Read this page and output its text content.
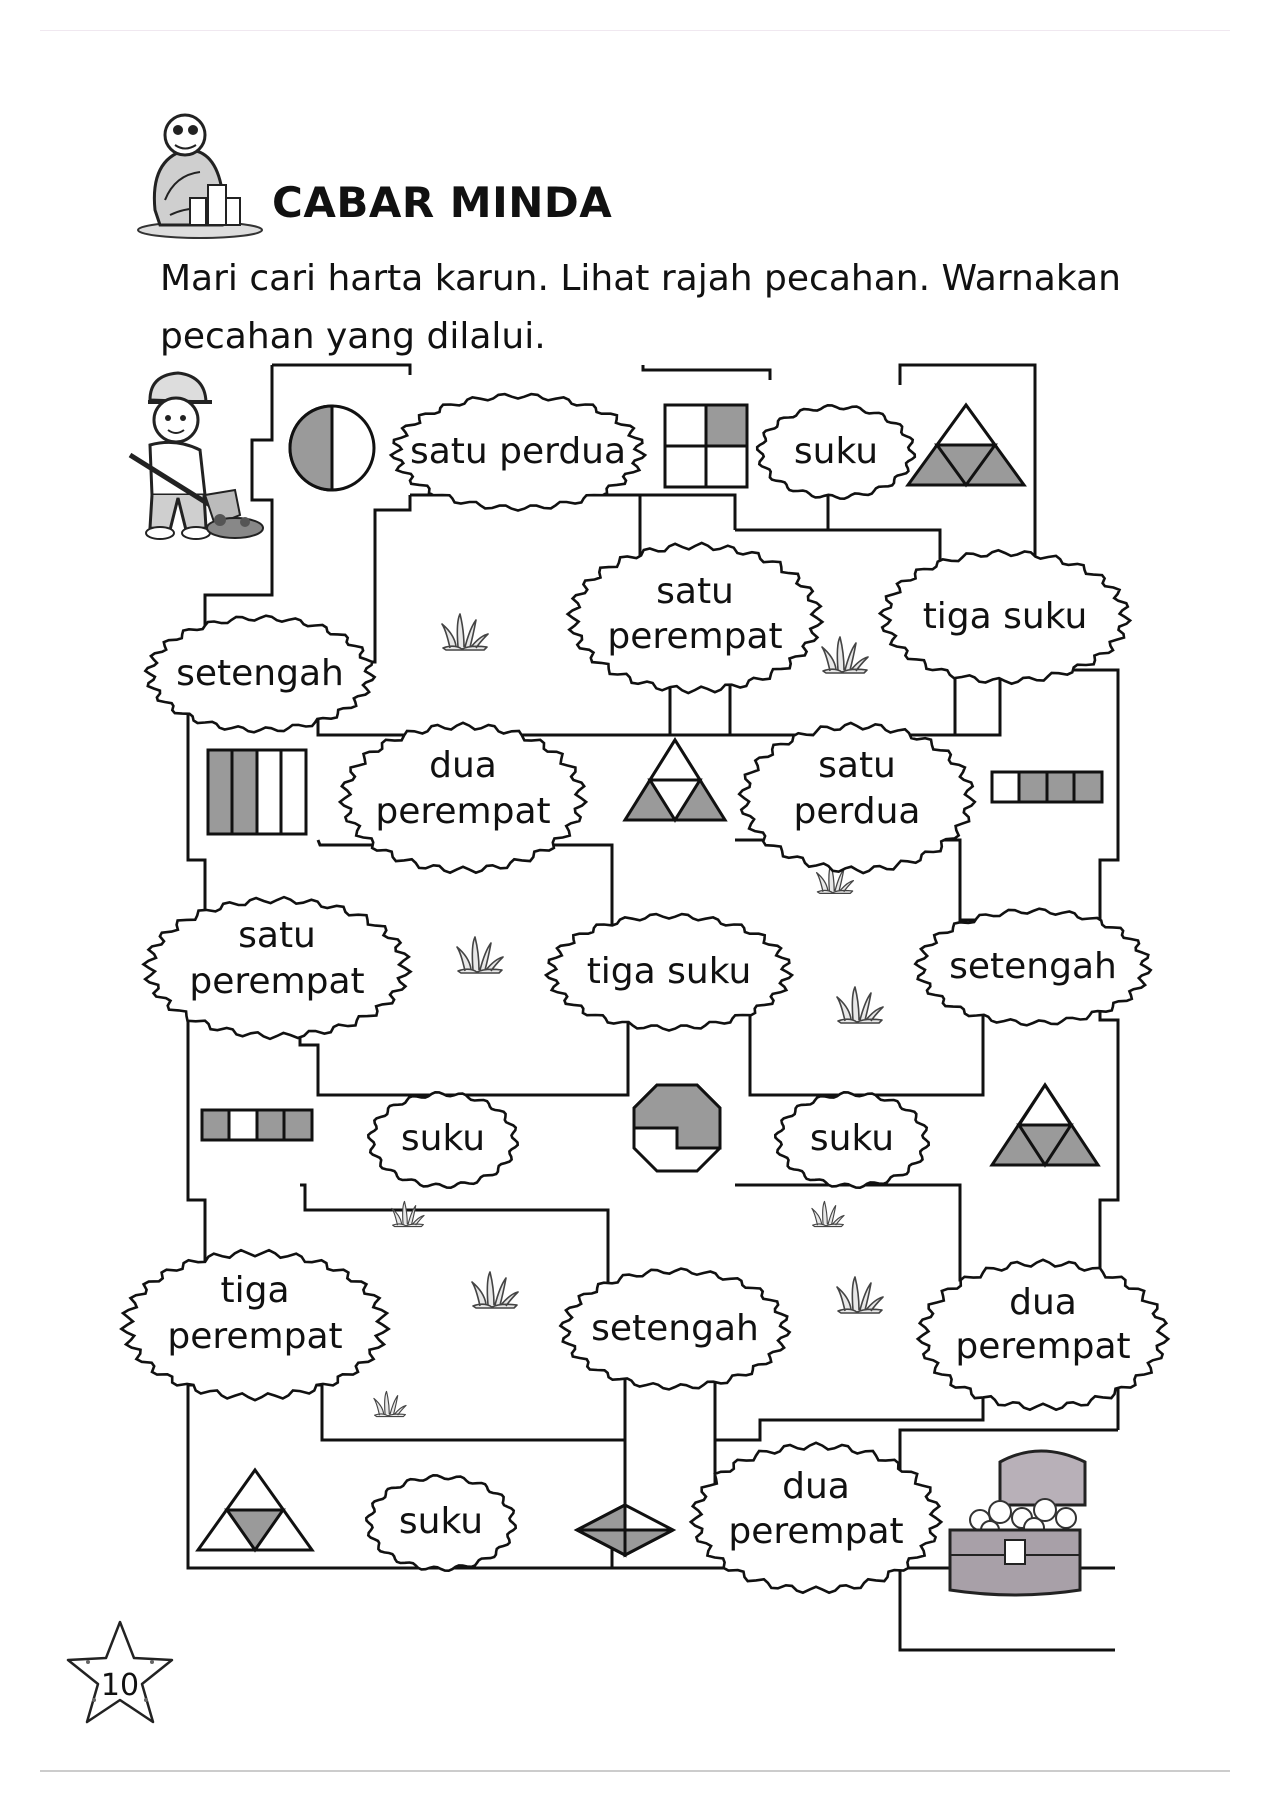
CABAR MINDA
Mari cari harta karun. Lihat rajah pecahan. Warnakan
pecahan yang dilalui.
satu perdua	suku
satu
perempat	tiga suku
setengah
dua
perempat
satu
perdua
satu
perempat	tiga suku	setengah
suku	suku
tiga
perempat	setengah
dua
perempat
suku
dua
perempat
10
